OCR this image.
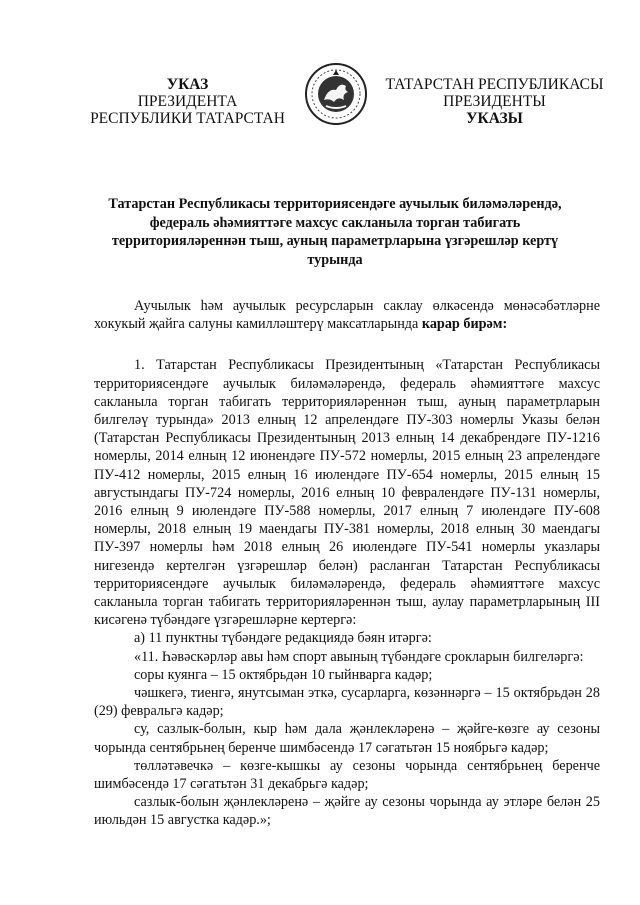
УКАЗ
ПРЕЗИДЕНТА
РЕСПУБЛИКИ ТАТАРСТАН
ТАТАРСТАН РЕСПУБЛИКАСЫ
ПРЕЗИДЕНТЫ
УКАЗЫ
Татарстан Республикасы территориясендәге аучылык биләмәләрендә,
федераль әһәмияттәге махсус сакланыла торган табигать
территорияләреннән тыш, ауның параметрларына үзгәрешләр кертү
турында

Аучылык һәм аучылык ресурсларын саклау өлкәсендә мөнәсәбәтләрне хокукый җайга салуны камилләштерү максатларында карар бирәм:

1. Татарстан Республикасы Президентының «Татарстан Республикасы территориясендәге аучылык биләмәләрендә, федераль әһәмияттәге махсус сакланыла торган табигать территорияләреннән тыш, ауның параметрларын билгеләү турында» 2013 елның 12 апрелендәге ПУ-303 номерлы Указы белән (Татарстан Республикасы Президентының 2013 елның 14 декабрендәге ПУ-1216 номерлы, 2014 елның 12 июнендәге ПУ-572 номерлы, 2015 елның 23 апрелендәге ПУ-412 номерлы, 2015 елның 16 июлендәге ПУ-654 номерлы, 2015 елның 15 августындагы ПУ-724 номерлы, 2016 елның 10 февралендәге ПУ-131 номерлы, 2016 елның 9 июлендәге ПУ-588 номерлы, 2017 елның 7 июлендәге ПУ-608 номерлы, 2018 елның 19 маендагы ПУ-381 номерлы, 2018 елның 30 маендагы ПУ-397 номерлы һәм 2018 елның 26 июлендәге ПУ-541 номерлы указлары нигезендә кертелгән үзгәрешләр белән) расланган Татарстан Республикасы территориясендәге аучылык биләмәләрендә, федераль әһәмияттәге махсус сакланыла торган табигать территорияләреннән тыш, аулау параметрларының III кисәгенә түбәндәге үзгәрешләрне кертергә:

а) 11 пунктны түбәндәге редакциядә бәян итәргә:

«11. Һәвәскәрләр авы һәм спорт авының түбәндәге срокларын билгеләргә:

соры куянга – 15 октябрьдән 10 гыйнварга кадәр;

чәшкегә, тиенгә, янутсыман эткә, сусарларга, көзәннәргә – 15 октябрьдән 28 (29) февральгә кадәр;

су, сазлык-болын, кыр һәм дала җәнлекләренә – җәйге-көзге ау сезоны чорында сентябрьнең беренче шимбәсендә 17 сәгатьтән 15 ноябрьгә кадәр;

төлләтәвечкә – көзге-кышкы ау сезоны чорында сентябрьнең беренче шимбәсендә 17 сәгатьтән 31 декабрьгә кадәр;

сазлык-болын җәнлекләренә – җәйге ау сезоны чорында ау этләре белән 25 июльдән 15 августка кадәр.»;
